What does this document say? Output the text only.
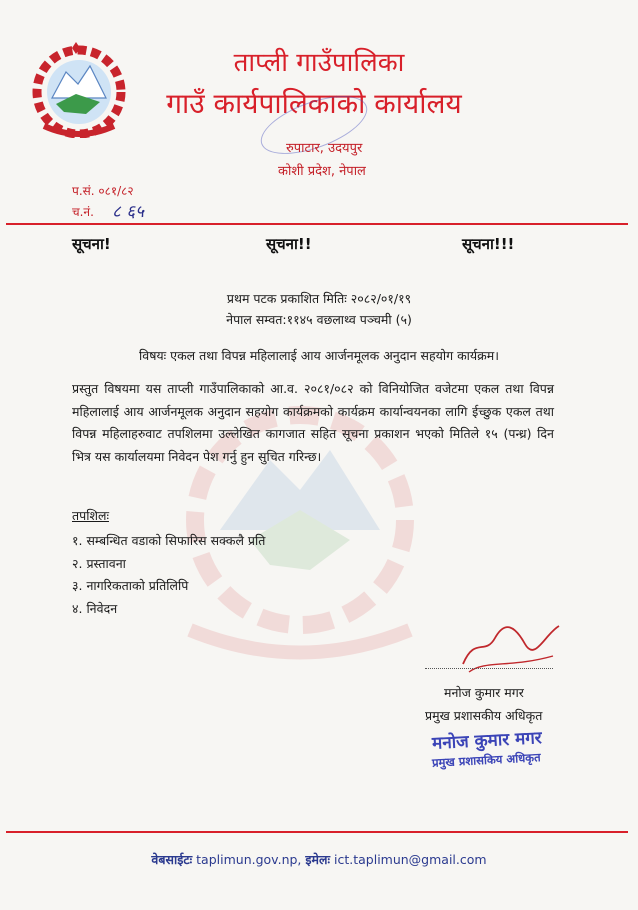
ताप्ली गाउँपालिका
गाउँ कार्यपालिकाको कार्यालय
रुपाटार, उदयपुर
कोशी प्रदेश, नेपाल
प.सं. ०८१/८२
च.नं. ८ ६५
सूचना!	सूचना!!	सूचना!!!
प्रथम पटक प्रकाशित मितिः २०८२/०१/१९
नेपाल सम्वत:११४५ वछलाथ्व पञ्चमी (५)
विषयः एकल तथा विपन्न महिलालाई आय आर्जनमूलक अनुदान सहयोग कार्यक्रम।
प्रस्तुत विषयमा यस ताप्ली गाउँपालिकाको आ.व. २०८१/०८२ को विनियोजित वजेटमा एकल तथा विपन्न महिलालाई आय आर्जनमूलक अनुदान सहयोग कार्यक्रमको कार्यक्रम कार्यान्वयनका लागि ईच्छुक एकल तथा विपन्न महिलाहरुवाट तपशिलमा उल्लेखित कागजात सहित सूचना प्रकाशन भएको मितिले १५ (पन्ध्र) दिन भित्र यस कार्यालयमा निवेदन पेश गर्नु हुन सुचित गरिन्छ।
तपशिलः
१. सम्बन्धित वडाको सिफारिस सक्कलै प्रति
२. प्रस्तावना
३. नागरिकताको प्रतिलिपि
४. निवेदन
मनोज कुमार मगर
प्रमुख प्रशासकीय अधिकृत
मनोज कुमार मगर
प्रमुख प्रशासकिय अधिकृत
वेबसाईटः taplimun.gov.np, इमेलः ict.taplimun@gmail.com
